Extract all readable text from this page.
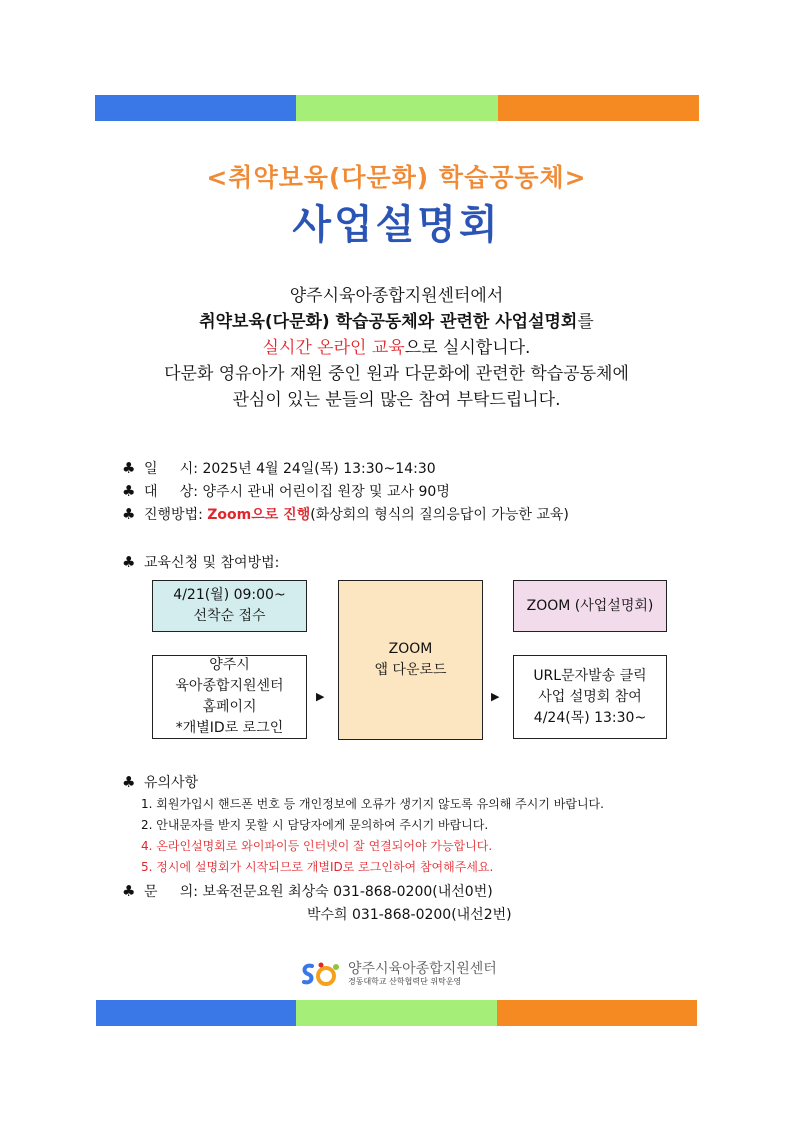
<취약보육(다문화) 학습공동체>
사업설명회
양주시육아종합지원센터에서
취약보육(다문화) 학습공동체와 관련한 사업설명회를
실시간 온라인 교육으로 실시합니다.
다문화 영유아가 재원 중인 원과 다문화에 관련한 학습공동체에
관심이 있는 분들의 많은 참여 부탁드립니다.
♣ 일     시: 2025년 4월 24일(목) 13:30~14:30
♣ 대     상: 양주시 관내 어린이집 원장 및 교사 90명
♣ 진행방법: Zoom으로 진행(화상회의 형식의 질의응답이 가능한 교육)
♣ 교육신청 및 참여방법:
4/21(월) 09:00~
선착순 접수
양주시
육아종합지원센터
홈페이지
*개별ID로 로그인
▶
ZOOM
앱 다운로드
▶
ZOOM (사업설명회)
URL문자발송 클릭
사업 설명회 참여
4/24(목) 13:30~
♣ 유의사항
1. 회원가입시 핸드폰 번호 등 개인정보에 오류가 생기지 않도록 유의해 주시기 바랍니다.
2. 안내문자를 받지 못할 시 담당자에게 문의하여 주시기 바랍니다.
4. 온라인설명회로 와이파이등 인터넷이 잘 연결되어야 가능합니다.
5. 정시에 설명회가 시작되므로 개별ID로 로그인하여 참여해주세요.
♣ 문     의: 보육전문요원 최상숙 031-868-0200(내선0번)
박수희 031-868-0200(내선2번)
양주시육아종합지원센터
경동대학교 산학협력단 위탁운영
